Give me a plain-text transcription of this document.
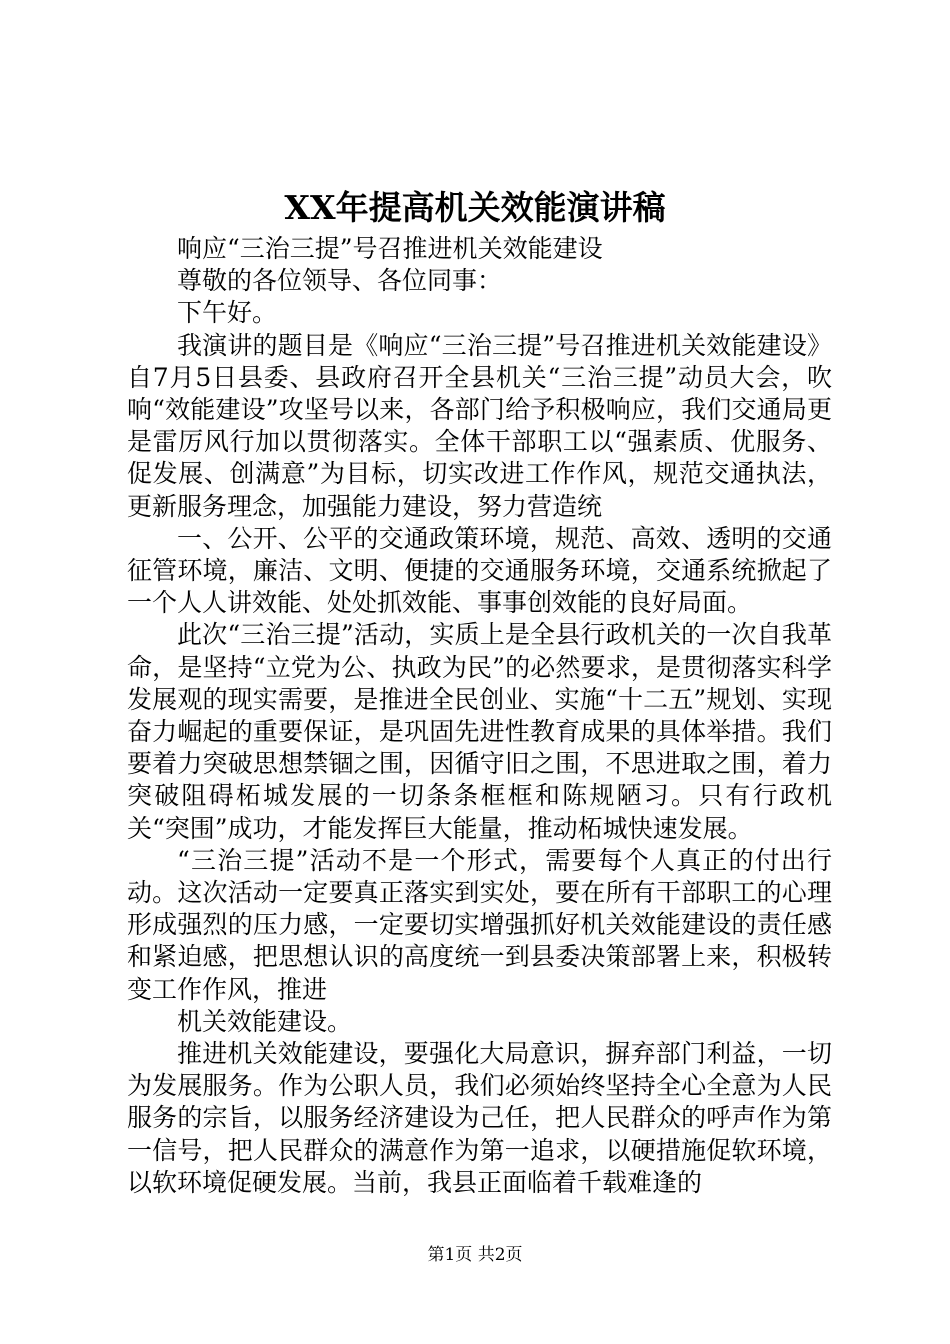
XX年提高机关效能演讲稿

响应“三治三提”号召推进机关效能建设

尊敬的各位领导、各位同事：

下午好。

我演讲的题目是《响应“三治三提”号召推进机关效能建设》自7月5日县委、县政府召开全县机关“三治三提”动员大会，吹响“效能建设”攻坚号以来，各部门给予积极响应，我们交通局更是雷厉风行加以贯彻落实。全体干部职工以“强素质、优服务、促发展、创满意”为目标，切实改进工作作风，规范交通执法，更新服务理念，加强能力建设，努力营造统

一、公开、公平的交通政策环境，规范、高效、透明的交通征管环境，廉洁、文明、便捷的交通服务环境，交通系统掀起了一个人人讲效能、处处抓效能、事事创效能的良好局面。

此次“三治三提”活动，实质上是全县行政机关的一次自我革命，是坚持“立党为公、执政为民”的必然要求，是贯彻落实科学发展观的现实需要，是推进全民创业、实施“十二五”规划、实现奋力崛起的重要保证，是巩固先进性教育成果的具体举措。我们要着力突破思想禁锢之围，因循守旧之围，不思进取之围，着力突破阻碍柘城发展的一切条条框框和陈规陋习。只有行政机关“突围”成功，才能发挥巨大能量，推动柘城快速发展。

“三治三提”活动不是一个形式，需要每个人真正的付出行动。这次活动一定要真正落实到实处，要在所有干部职工的心理形成强烈的压力感，一定要切实增强抓好机关效能建设的责任感和紧迫感，把思想认识的高度统一到县委决策部署上来，积极转变工作作风，推进

机关效能建设。

推进机关效能建设，要强化大局意识，摒弃部门利益，一切为发展服务。作为公职人员，我们必须始终坚持全心全意为人民服务的宗旨，以服务经济建设为己任，把人民群众的呼声作为第一信号，把人民群众的满意作为第一追求，以硬措施促软环境，以软环境促硬发展。当前，我县正面临着千载难逢的

第1页 共2页
